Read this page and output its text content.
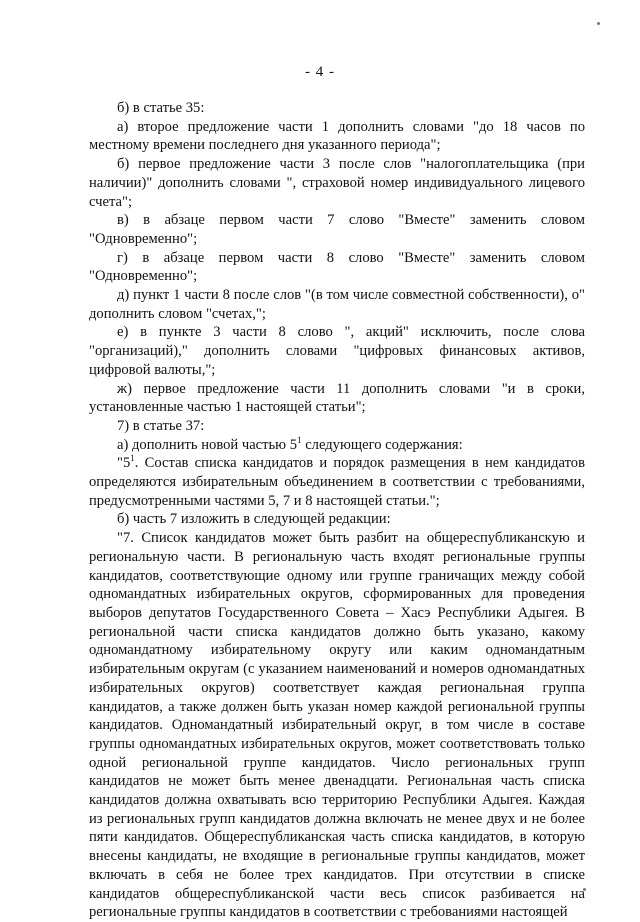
- 4 -

б) в статье 35:

а) второе предложение части 1 дополнить словами "до 18 часов по местному времени последнего дня указанного периода";

б) первое предложение части 3 после слов "налогоплательщика (при наличии)" дополнить словами ", страховой номер индивидуального лицевого счета";

в) в абзаце первом части 7 слово "Вместе" заменить словом "Одновременно";

г) в абзаце первом части 8 слово "Вместе" заменить словом "Одновременно";

д) пункт 1 части 8 после слов "(в том числе совместной собственности), о" дополнить словом "счетах,";

е) в пункте 3 части 8 слово ", акций" исключить, после слова "организаций)," дополнить словами "цифровых финансовых активов, цифровой валюты,";

ж) первое предложение части 11 дополнить словами "и в сроки, установленные частью 1 настоящей статьи";

7) в статье 37:

а) дополнить новой частью $5^1$ следующего содержания:

"$5^1$. Состав списка кандидатов и порядок размещения в нем кандидатов определяются избирательным объединением в соответствии с требованиями, предусмотренными частями 5, 7 и 8 настоящей статьи.";

б) часть 7 изложить в следующей редакции:

"7. Список кандидатов может быть разбит на общереспубликанскую и региональную части. В региональную часть входят региональные группы кандидатов, соответствующие одному или группе граничащих между собой одномандатных избирательных округов, сформированных для проведения выборов депутатов Государственного Совета – Хасэ Республики Адыгея. В региональной части списка кандидатов должно быть указано, какому одномандатному избирательному округу или каким одномандатным избирательным округам (с указанием наименований и номеров одномандатных избирательных округов) соответствует каждая региональная группа кандидатов, а также должен быть указан номер каждой региональной группы кандидатов. Одномандатный избирательный округ, в том числе в составе группы одномандатных избирательных округов, может соответствовать только одной региональной группе кандидатов. Число региональных групп кандидатов не может быть менее двенадцати. Региональная часть списка кандидатов должна охватывать всю территорию Республики Адыгея. Каждая из региональных групп кандидатов должна включать не менее двух и не более пяти кандидатов. Общереспубликанская часть списка кандидатов, в которую внесены кандидаты, не входящие в региональные группы кандидатов, может включать в себя не более трех кандидатов. При отсутствии в списке кандидатов общереспубликанской части весь список разбивается на региональные группы кандидатов в соответствии с требованиями настоящей
